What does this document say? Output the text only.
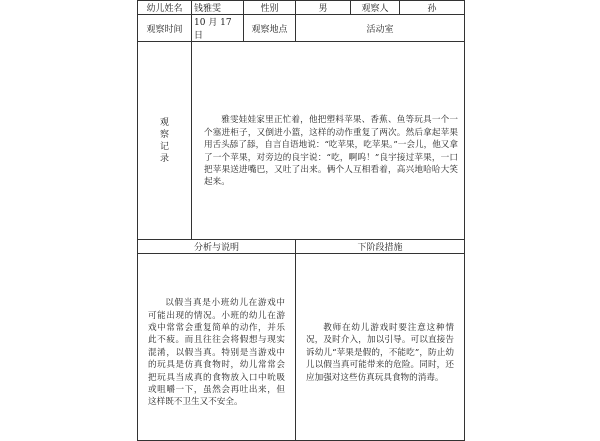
幼儿姓名	钱雅雯	性别	男	观察人	孙
观察时间	10 月 17 日	观察地点	活动室		

观
察
记
录	雅雯娃娃家里正忙着，他把塑料苹果、香蕉、鱼等玩具一个一个塞进柜子，又倒进小篮，这样的动作重复了两次。然后拿起苹果用舌头舔了舔，自言自语地说：“吃苹果，吃苹果。”一会儿，他又拿了一个苹果，对旁边的良宇说：“吃，啊呜！”良宇接过苹果，一口把苹果送进嘴巴，又吐了出来。俩个人互相看着，高兴地哈哈大笑起来。				

分析与说明			下阶段措施		

以假当真是小班幼儿在游戏中可能出现的情况。小班的幼儿在游戏中常常会重复简单的动作，并乐此不疲。而且往往会将假想与现实混淆，以假当真。特别是当游戏中的玩具是仿真食物时，幼儿常常会把玩具当成真的食物放入口中吮吸或咀嚼一下，虽然会再吐出来，但这样既不卫生又不安全。			教师在幼儿游戏时要注意这种情况，及时介入，加以引导。可以直接告诉幼儿“苹果是假的，不能吃”，防止幼儿以假当真可能带来的危险。同时，还应加强对这些仿真玩具食物的消毒。		
